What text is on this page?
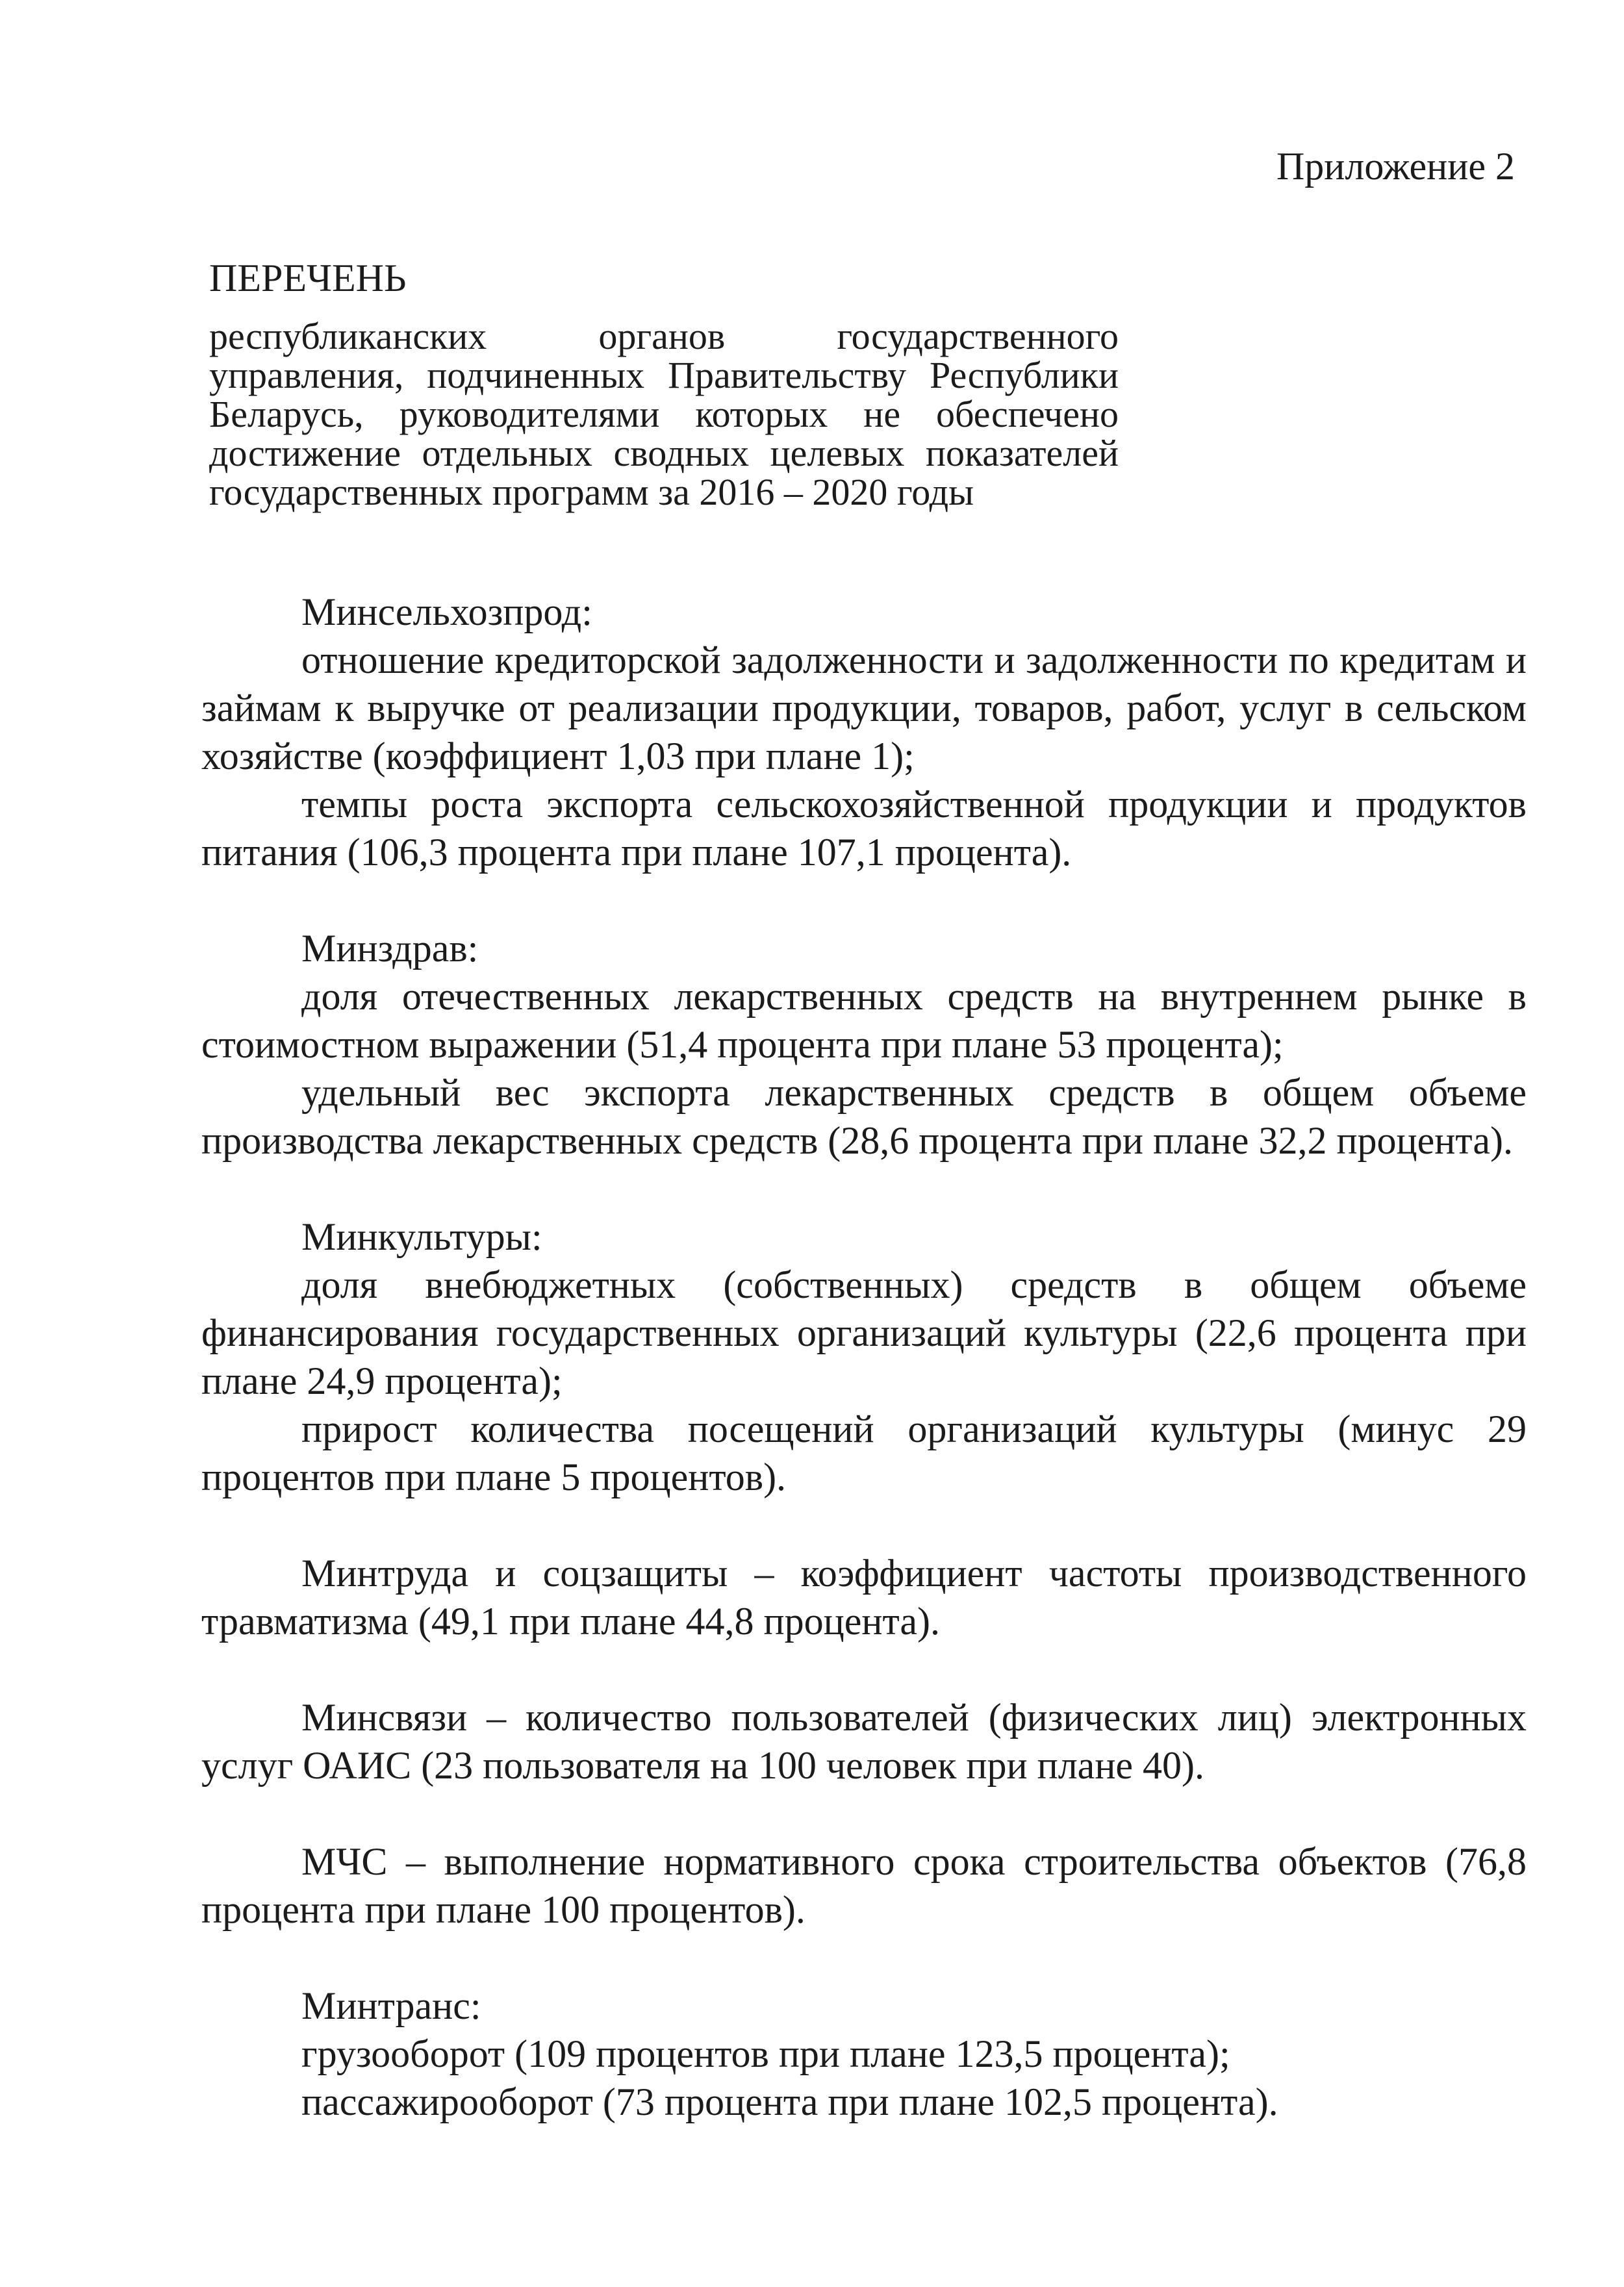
Приложение 2
ПЕРЕЧЕНЬ
республиканских органов государственного
управления, подчиненных Правительству Республики
Беларусь, руководителями которых не обеспечено
достижение отдельных сводных целевых показателей
государственных программ за 2016 – 2020 годы
Минсельхозпрод:
отношение кредиторской задолженности и задолженности по кредитам и займам к выручке от реализации продукции, товаров, работ, услуг в сельском хозяйстве (коэффициент 1,03 при плане 1);
темпы роста экспорта сельскохозяйственной продукции и продуктов питания (106,3 процента при плане 107,1 процента).
Минздрав:
доля отечественных лекарственных средств на внутреннем рынке в стоимостном выражении (51,4 процента при плане 53 процента);
удельный вес экспорта лекарственных средств в общем объеме производства лекарственных средств (28,6 процента при плане 32,2 процента).
Минкультуры:
доля внебюджетных (собственных) средств в общем объеме финансирования государственных организаций культуры (22,6 процента при плане 24,9 процента);
прирост количества посещений организаций культуры (минус 29 процентов при плане 5 процентов).
Минтруда и соцзащиты – коэффициент частоты производственного травматизма (49,1 при плане 44,8 процента).
Минсвязи – количество пользователей (физических лиц) электронных услуг ОАИС (23 пользователя на 100 человек при плане 40).
МЧС – выполнение нормативного срока строительства объектов (76,8 процента при плане 100 процентов).
Минтранс:
грузооборот (109 процентов при плане 123,5 процента);
пассажирооборот (73 процента при плане 102,5 процента).
